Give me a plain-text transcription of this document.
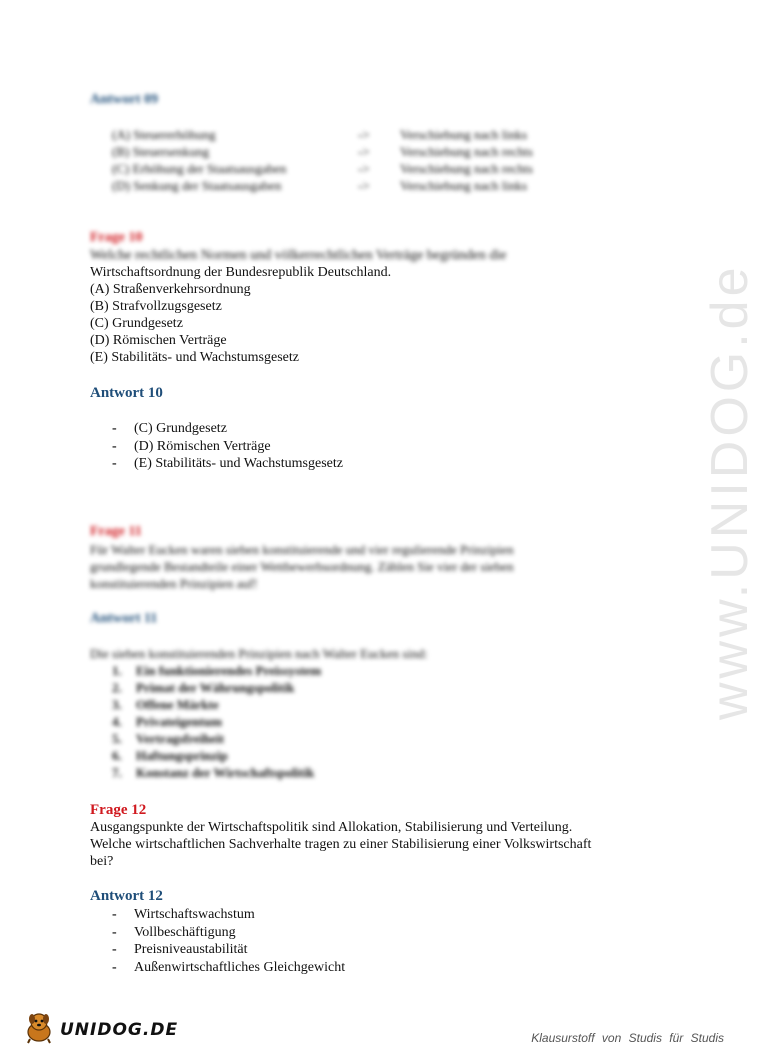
www.UNIDOG.de
Antwort 09
(A) Steuererhöhung	-> Verschiebung nach links
(B) Steuersenkung	-> Verschiebung nach rechts
(C) Erhöhung der Staatsausgaben	-> Verschiebung nach rechts
(D) Senkung der Staatsausgaben	-> Verschiebung nach links
Frage 10
Welche rechtlichen Normen und völkerrechtlichen Verträge begründen die
Wirtschaftsordnung der Bundesrepublik Deutschland.
(A) Straßenverkehrsordnung
(B) Strafvollzugsgesetz
(C) Grundgesetz
(D) Römischen Verträge
(E) Stabilitäts- und Wachstumsgesetz
Antwort 10
- (C) Grundgesetz
- (D) Römischen Verträge
- (E) Stabilitäts- und Wachstumsgesetz
Frage 11
Für Walter Eucken waren sieben konstituierende und vier regulierende Prinzipien
grundlegende Bestandteile einer Wettbewerbsordnung. Zählen Sie vier der sieben
konstituierenden Prinzipien auf!
Antwort 11
Die sieben konstituierenden Prinzipien nach Walter Eucken sind:
1.	Ein funktionierendes Preissystem
2.	Primat der Währungspolitik
3.	Offene Märkte
4.	Privateigentum
5.	Vertragsfreiheit
6.	Haftungsprinzip
7.	Konstanz der Wirtschaftspolitik
Frage 12
Ausgangspunkte der Wirtschaftspolitik sind Allokation, Stabilisierung und Verteilung.
Welche wirtschaftlichen Sachverhalte tragen zu einer Stabilisierung einer Volkswirtschaft
bei?
Antwort 12
- Wirtschaftswachstum
- Vollbeschäftigung
- Preisniveaustabilität
- Außenwirtschaftliches Gleichgewicht
UNIDOG.DE	Klausurstoff von Studis für Studis
